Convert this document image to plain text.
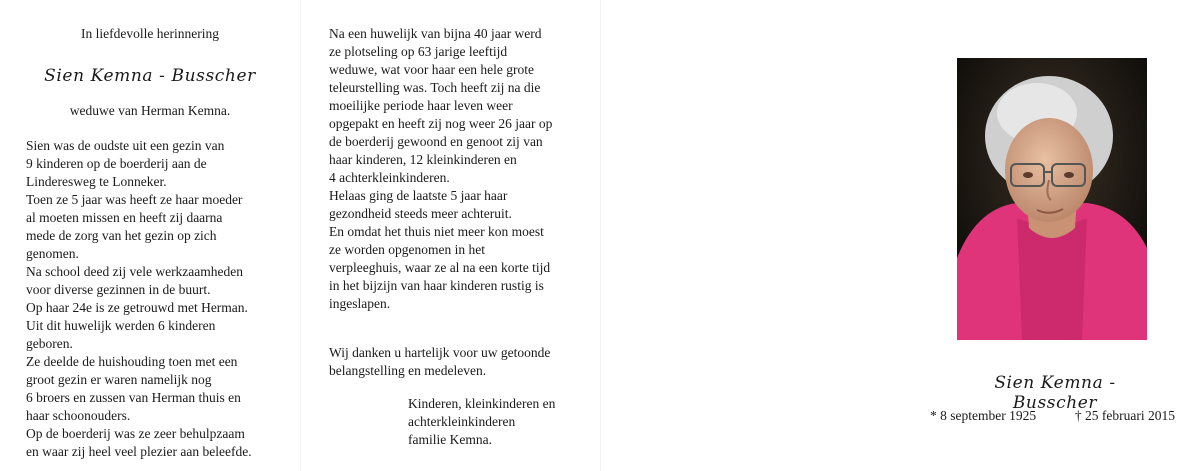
In liefdevolle herinnering
Sien Kemna - Busscher
weduwe van Herman Kemna.
Sien was de oudste uit een gezin van
9 kinderen op de boerderij aan de
Linderesweg te Lonneker.
Toen ze 5 jaar was heeft ze haar moeder
al moeten missen en heeft zij daarna
mede de zorg van het gezin op zich
genomen.
Na school deed zij vele werkzaamheden
voor diverse gezinnen in de buurt.
Op haar 24e is ze getrouwd met Herman.
Uit dit huwelijk werden 6 kinderen
geboren.
Ze deelde de huishouding toen met een
groot gezin er waren namelijk nog
6 broers en zussen van Herman thuis en
haar schoonouders.
Op de boerderij was ze zeer behulpzaam
en waar zij heel veel plezier aan beleefde.
Na een huwelijk van bijna 40 jaar werd
ze plotseling op 63 jarige leeftijd
weduwe, wat voor haar een hele grote
teleurstelling was. Toch heeft zij na die
moeilijke periode haar leven weer
opgepakt en heeft zij nog weer 26 jaar op
de boerderij gewoond en genoot zij van
haar kinderen, 12 kleinkinderen en
4 achterkleinkinderen.
Helaas ging de laatste 5 jaar haar
gezondheid steeds meer achteruit.
En omdat het thuis niet meer kon moest
ze worden opgenomen in het
verpleeghuis, waar ze al na een korte tijd
in het bijzijn van haar kinderen rustig is
ingeslapen.
Wij danken u hartelijk voor uw getoonde
belangstelling en medeleven.
Kinderen, kleinkinderen en
achterkleinkinderen
familie Kemna.
Sien Kemna - Busscher
* 8 september 1925	† 25 februari 2015
